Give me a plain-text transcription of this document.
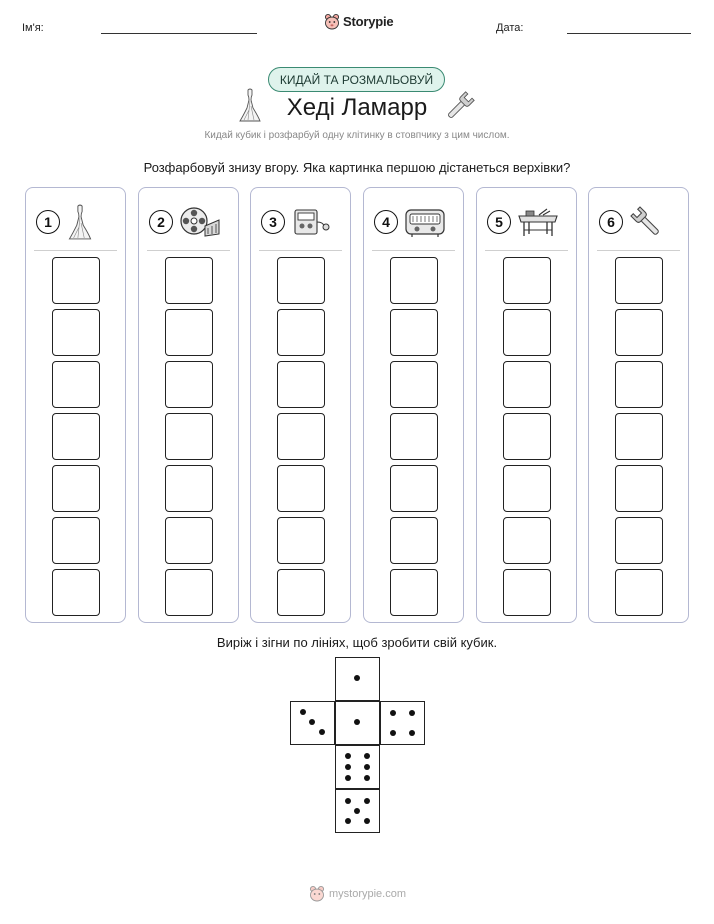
Ім'я:	Storypie	Дата:
КИДАЙ ТА РОЗМАЛЬОВУЙ
Хеді Ламарр
Кидай кубик і розфарбуй одну клітинку в стовпчику з цим числом.
Розфарбовуй знизу вгору. Яка картинка першою дістанеться верхівки?
1	2	3	4	5	6
Виріж і зігни по лініях, щоб зробити свій кубик.
mystorypie.com
